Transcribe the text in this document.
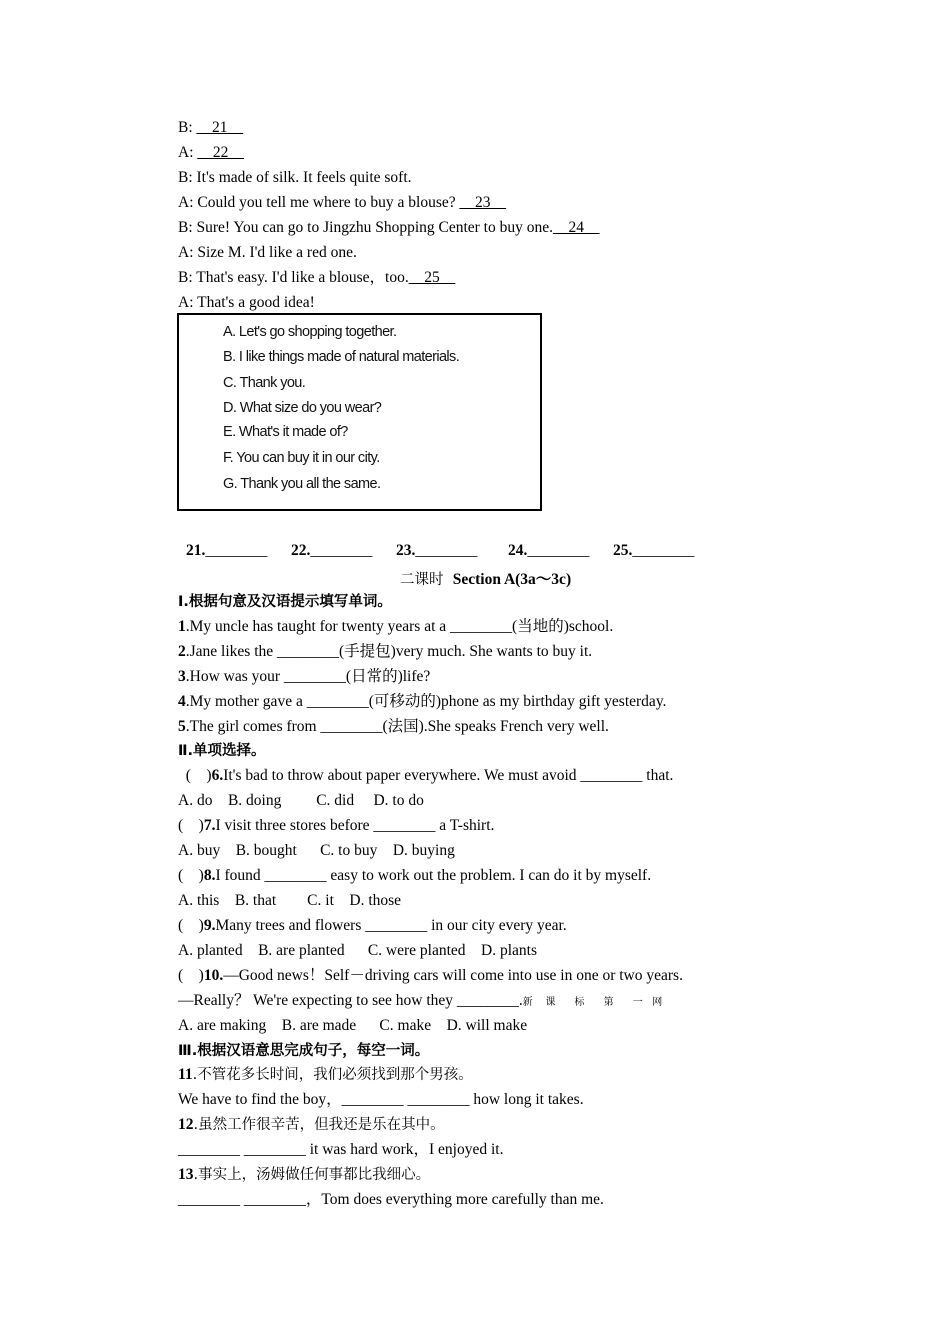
B: __21__

A: __22__

B: It's made of silk. It feels quite soft.

A: Could you tell me where to buy a blouse? __23__

B: Sure! You can go to Jingzhu Shopping Center to buy one.__24__

A: Size M. I'd like a red one.

B: That's easy. I'd like a blouse，too.__25__

A: That's a good idea!

A. Let's go shopping together.
B. I like things made of natural materials.
C. Thank you.
D. What size do you wear?
E. What's it made of?
F. You can buy it in our city.
G. Thank you all the same.

21.________

22.________

23.________

24.________

25.________

二课时  Section A(3a～3c)

Ⅰ.根据句意及汉语提示填写单词。

1.My uncle has taught for twenty years at a ________(当地的)school.

2.Jane likes the ________(手提包)very much. She wants to buy it.

3.How was your ________(日常的)life?

4.My mother gave a ________(可移动的)phone as my birthday gift yesterday.

5.The girl comes from ________(法国).She speaks French very well.

Ⅱ.单项选择。

(    )6.It's bad to throw about paper everywhere. We must avoid ________ that.

A. do    B. doing         C. did     D. to do

(    )7.I visit three stores before ________ a T-shirt.

A. buy    B. bought      C. to buy    D. buying

(    )8.I found ________ easy to work out the problem. I can do it by myself.

A. this    B. that        C. it    D. those

(    )9.Many trees and flowers ________ in our city every year.

A. planted    B. are planted      C. were planted    D. plants

(    )10.—Good news！Self－driving cars will come into use in one or two years.

—Really？ We're expecting to see how they ________.新    课      标      第      一   网

A. are making    B. are made      C. make    D. will make

Ⅲ.根据汉语意思完成句子，每空一词。

11.不管花多长时间，我们必须找到那个男孩。

We have to find the boy，________ ________ how long it takes.

12.虽然工作很辛苦，但我还是乐在其中。

________ ________ it was hard work，I enjoyed it.

13.事实上，汤姆做任何事都比我细心。

________ ________，Tom does everything more carefully than me.
